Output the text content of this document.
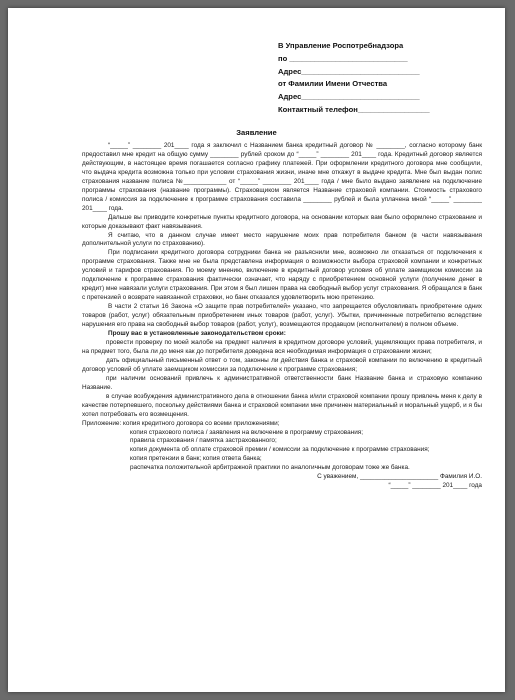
В Управление Роспотребнадзора
по ____________________________
Адрес____________________________
от Фамилии Имени Отчества
Адрес____________________________
Контактный телефон_________________
Заявление

“_____” ________ 201____ года я заключил с Названием банка кредитный договор № ________, согласно которому банк предоставил мне кредит на общую сумму ________ рублей сроком до “_____” ________ 201____ года. Кредитный договор является действующим, в настоящее время погашается согласно графику платежей. При оформлении кредитного договора мне сообщили, что выдача кредита возможна только при условии страхования жизни, иначе мне откажут в выдаче кредита. Мне был выдан полис страхования название полиса №____________ от “_____” ________ 201____ года / мне было выдано заявление на подключение программы страхования (название программы). Страховщиком является Название страховой компании. Стоимость страхового полиса / комиссия за подключение к программе страхования составила ________ рублей и была уплачена мной “_____” ________ 201____ года.

Дальше вы приводите конкретные пункты кредитного договора, на основании которых вам было оформлено страхование и которые доказывают факт навязывания.

Я считаю, что в данном случае имеет место нарушение моих прав потребителя банком (в части навязывания дополнительной услуги по страхованию).

При подписании кредитного договора сотрудники банка не разъяснили мне, возможно ли отказаться от подключения к программе страхования. Также мне не была представлена информация о возможности выбора страховой компании и конкретных условий и тарифов страхования. По моему мнению, включение в кредитный договор условия об уплате заемщиком комиссии за подключение к программе страхования фактически означает, что наряду с приобретением основной услуги (получение денег в кредит) мне навязали услуги страхования. При этом я был лишен права на свободный выбор услуг страхования. Я обращался в банк с претензией о возврате навязанной страховки, но банк отказался удовлетворить мою претензию.

В части 2 статьи 16 Закона «О защите прав потребителей» указано, что запрещается обусловливать приобретение одних товаров (работ, услуг) обязательным приобретением иных товаров (работ, услуг). Убытки, причиненные потребителю вследствие нарушения его права на свободный выбор товаров (работ, услуг), возмещаются продавцом (исполнителем) в полном объеме.

Прошу вас в установленные законодательством сроки:

провести проверку по моей жалобе на предмет наличия в кредитном договоре условий, ущемляющих права потребителя, и на предмет того, была ли до меня как до потребителя доведена вся необходимая информация о страховании жизни;

дать официальный письменный ответ о том, законны ли действия банка и страховой компании по включению в кредитный договор условий об уплате заемщиком комиссии за подключение к программе страхования;

при наличии оснований привлечь к административной ответственности банк Название банка и страховую компанию Название.

в случае возбуждения административного дела в отношении банка и/или страховой компании прошу привлечь меня к делу в качестве потерпевшего, поскольку действиями банка и страховой компании мне причинен материальный и моральный ущерб, и я бы хотел потребовать его возмещения.

Приложение: копия кредитного договора со всеми приложениями;

копия страхового полиса / заявления на включение в программу страхования;

правила страхования / памятка застрахованного;

копия документа об оплате страховой премии / комиссии за подключение к программе страхования;

копия претензии в банк; копия ответа банка;

распечатка положительной арбитражной практики по аналогичным договорам тоже же банка.

С уважением, ______________________ Фамилия И.О.

“_____” ________ 201____ года
